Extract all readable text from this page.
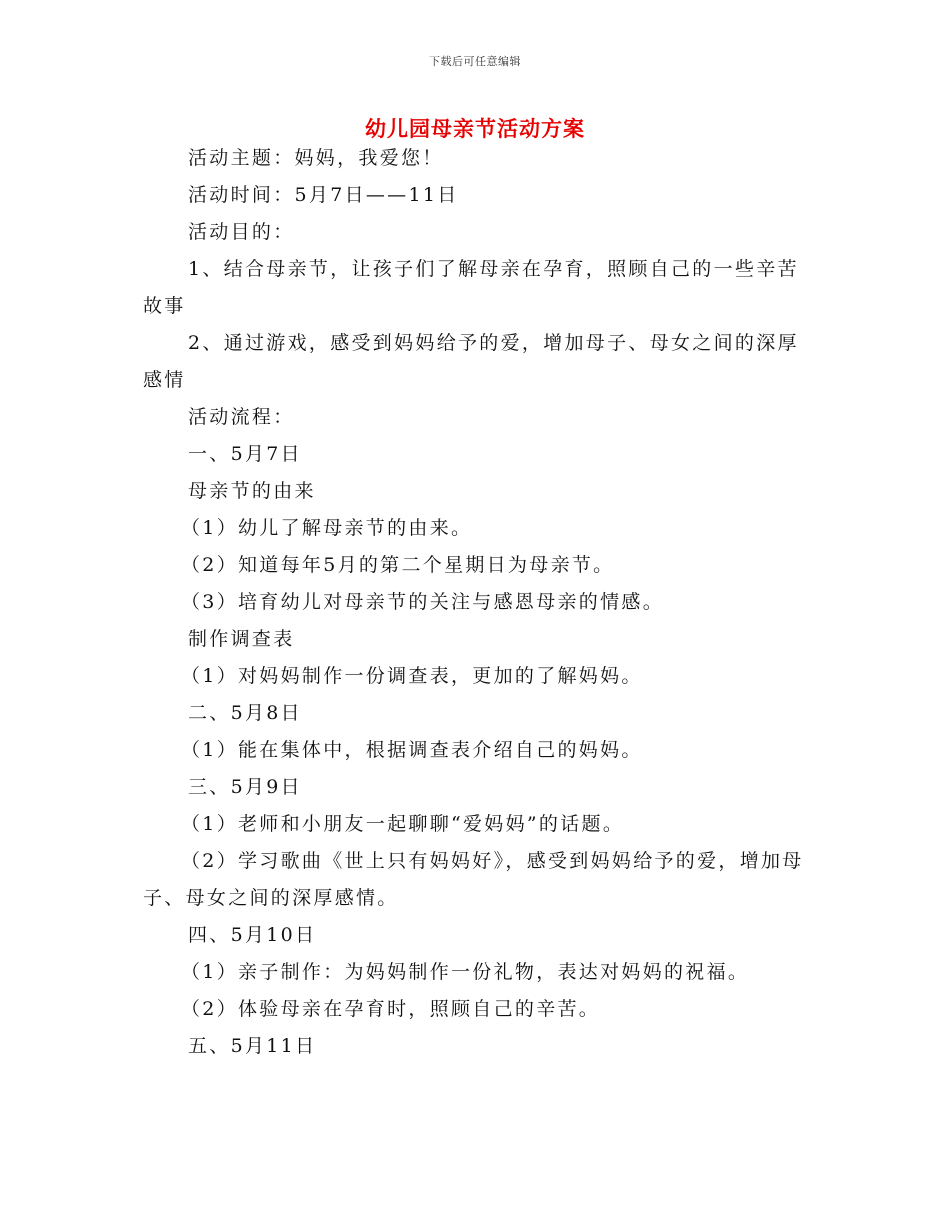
下载后可任意编辑
幼儿园母亲节活动方案

活动主题：妈妈，我爱您！

活动时间：5月7日——11日

活动目的：

1、结合母亲节，让孩子们了解母亲在孕育，照顾自己的一些辛苦故事

2、通过游戏，感受到妈妈给予的爱，增加母子、母女之间的深厚感情

活动流程：

一、5月7日

母亲节的由来

（1）幼儿了解母亲节的由来。

（2）知道每年5月的第二个星期日为母亲节。

（3）培育幼儿对母亲节的关注与感恩母亲的情感。

制作调查表

（1）对妈妈制作一份调查表，更加的了解妈妈。

二、5月8日

（1）能在集体中，根据调查表介绍自己的妈妈。

三、5月9日

（1）老师和小朋友一起聊聊“爱妈妈”的话题。

（2）学习歌曲《世上只有妈妈好》，感受到妈妈给予的爱，增加母子、母女之间的深厚感情。

四、5月10日

（1）亲子制作：为妈妈制作一份礼物，表达对妈妈的祝福。

（2）体验母亲在孕育时，照顾自己的辛苦。

五、5月11日
